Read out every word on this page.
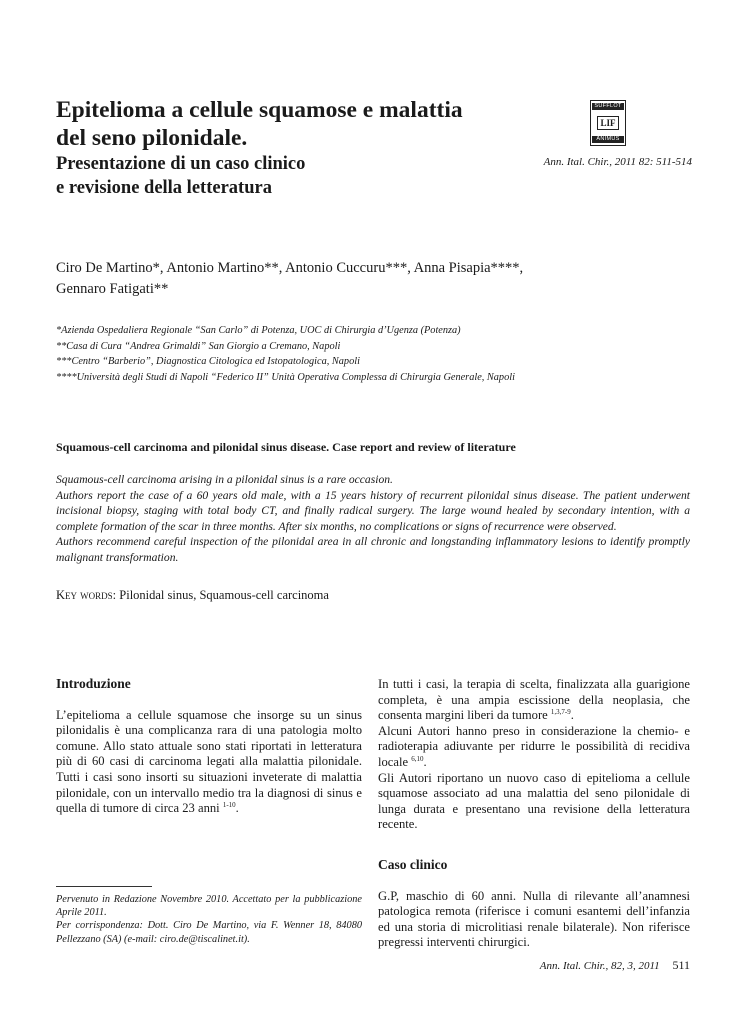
Epitelioma a cellule squamose e malattia
del seno pilonidale.
Presentazione di un caso clinico
e revisione della letteratura
SUFFLOT
LIF
ANIMUS
Ann. Ital. Chir., 2011 82: 511-514
Ciro De Martino*, Antonio Martino**, Antonio Cuccuru***, Anna Pisapia****,
Gennaro Fatigati**
*Azienda Ospedaliera Regionale “San Carlo” di Potenza, UOC di Chirurgia d’Ugenza (Potenza)
**Casa di Cura “Andrea Grimaldi” San Giorgio a Cremano, Napoli
***Centro “Barberio”, Diagnostica Citologica ed Istopatologica, Napoli
****Università degli Studi di Napoli “Federico II” Unità Operativa Complessa di Chirurgia Generale, Napoli
Squamous-cell carcinoma and pilonidal sinus disease. Case report and review of literature

Squamous-cell carcinoma arising in a pilonidal sinus is a rare occasion.

Authors report the case of a 60 years old male, with a 15 years history of recurrent pilonidal sinus disease. The patient underwent incisional biopsy, staging with total body CT, and finally radical surgery. The large wound healed by secondary intention, with a complete formation of the scar in three months. After six months, no complications or signs of recurrence were observed.

Authors recommend careful inspection of the pilonidal area in all chronic and longstanding inflammatory lesions to identify promptly malignant transformation.

Key words: Pilonidal sinus, Squamous-cell carcinoma
Introduzione

L’epitelioma a cellule squamose che insorge su un sinus pilonidalis è una complicanza rara di una patologia molto comune. Allo stato attuale sono stati riportati in letteratura più di 60 casi di carcinoma legati alla malattia pilonidale. Tutti i casi sono insorti su situazioni inveterate di malattia pilonidale, con un intervallo medio tra la diagnosi di sinus e quella di tumore di circa 23 anni $^{1-10}$.

In tutti i casi, la terapia di scelta, finalizzata alla guarigione completa, è una ampia escissione della neoplasia, che consenta margini liberi da tumore $^{1,3,7-9}$.

Alcuni Autori hanno preso in considerazione la chemio- e radioterapia adiuvante per ridurre le possibilità di recidiva locale $^{6,10}$.

Gli Autori riportano un nuovo caso di epitelioma a cellule squamose associato ad una malattia del seno pilonidale di lunga durata e presentano una revisione della letteratura recente.

Caso clinico

G.P, maschio di 60 anni. Nulla di rilevante all’anamnesi patologica remota (riferisce i comuni esantemi dell’infanzia ed una storia di microlitiasi renale bilaterale). Non riferisce pregressi interventi chirurgici.

Pervenuto in Redazione Novembre 2010. Accettato per la pubblicazione Aprile 2011.

Per corrispondenza: Dott. Ciro De Martino, via F. Wenner 18, 84080 Pellezzano (SA) (e-mail: ciro.de@tiscalinet.it).

Ann. Ital. Chir., 82, 3, 2011 511
